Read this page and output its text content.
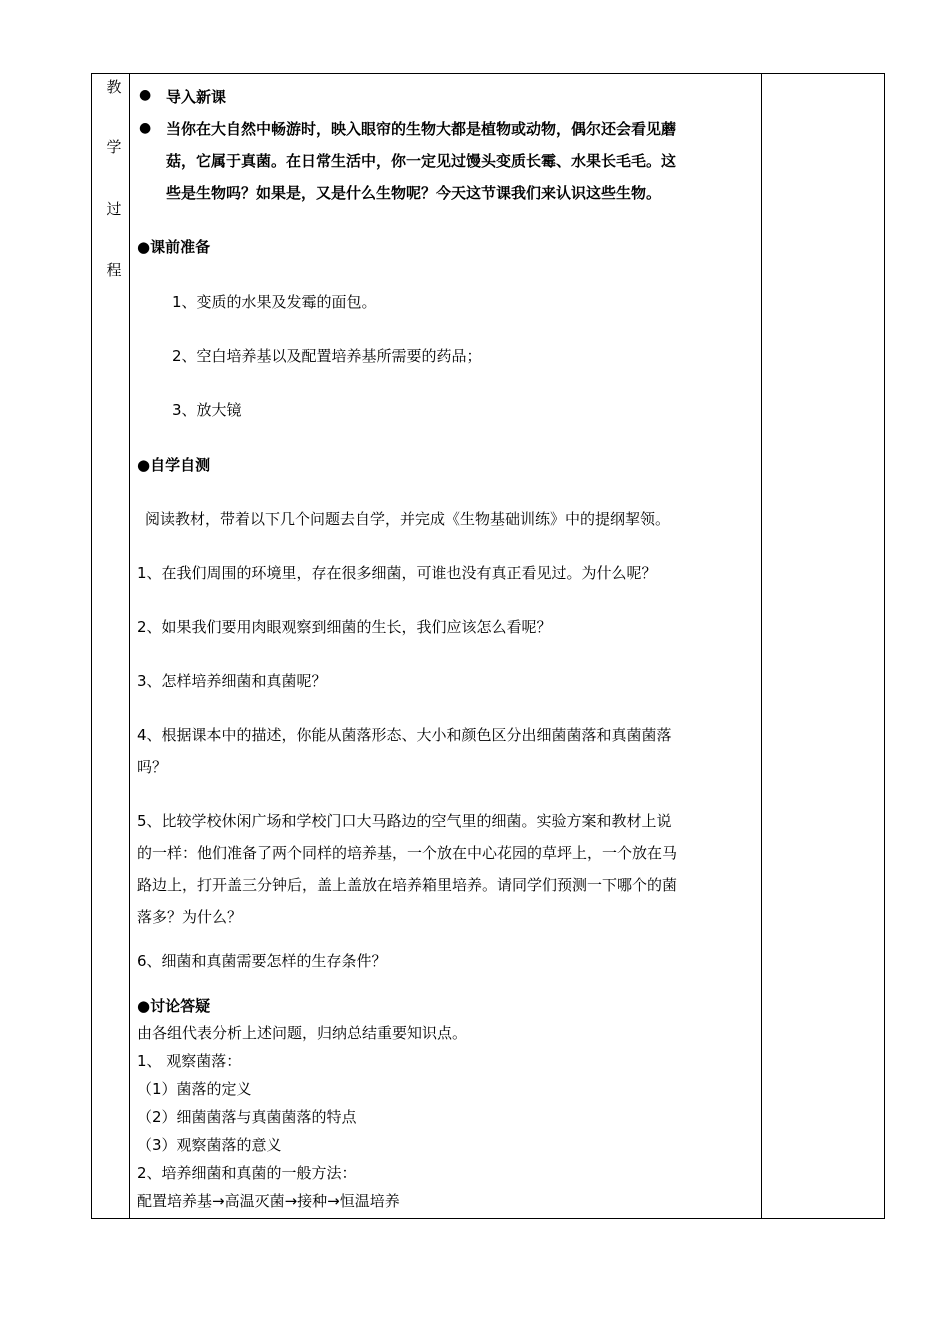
教
学
过
程
● 导入新课
● 当你在大自然中畅游时，映入眼帘的生物大都是植物或动物，偶尔还会看见蘑
菇，它属于真菌。在日常生活中，你一定见过馒头变质长霉、水果长毛毛。这
些是生物吗？如果是，又是什么生物呢？今天这节课我们来认识这些生物。
●课前准备
1、变质的水果及发霉的面包。
2、空白培养基以及配置培养基所需要的药品；
3、放大镜
●自学自测
阅读教材，带着以下几个问题去自学，并完成《生物基础训练》中的提纲挈领。
1、在我们周围的环境里，存在很多细菌，可谁也没有真正看见过。为什么呢？
2、如果我们要用肉眼观察到细菌的生长，我们应该怎么看呢？
3、怎样培养细菌和真菌呢？
4、根据课本中的描述，你能从菌落形态、大小和颜色区分出细菌菌落和真菌菌落
吗？
5、比较学校休闲广场和学校门口大马路边的空气里的细菌。实验方案和教材上说
的一样：他们准备了两个同样的培养基，一个放在中心花园的草坪上，一个放在马
路边上，打开盖三分钟后，盖上盖放在培养箱里培养。请同学们预测一下哪个的菌
落多？为什么？
6、细菌和真菌需要怎样的生存条件？
●讨论答疑
由各组代表分析上述问题，归纳总结重要知识点。
1、 观察菌落：
（1）菌落的定义
（2）细菌菌落与真菌菌落的特点
（3）观察菌落的意义
2、培养细菌和真菌的一般方法：
配置培养基→高温灭菌→接种→恒温培养
